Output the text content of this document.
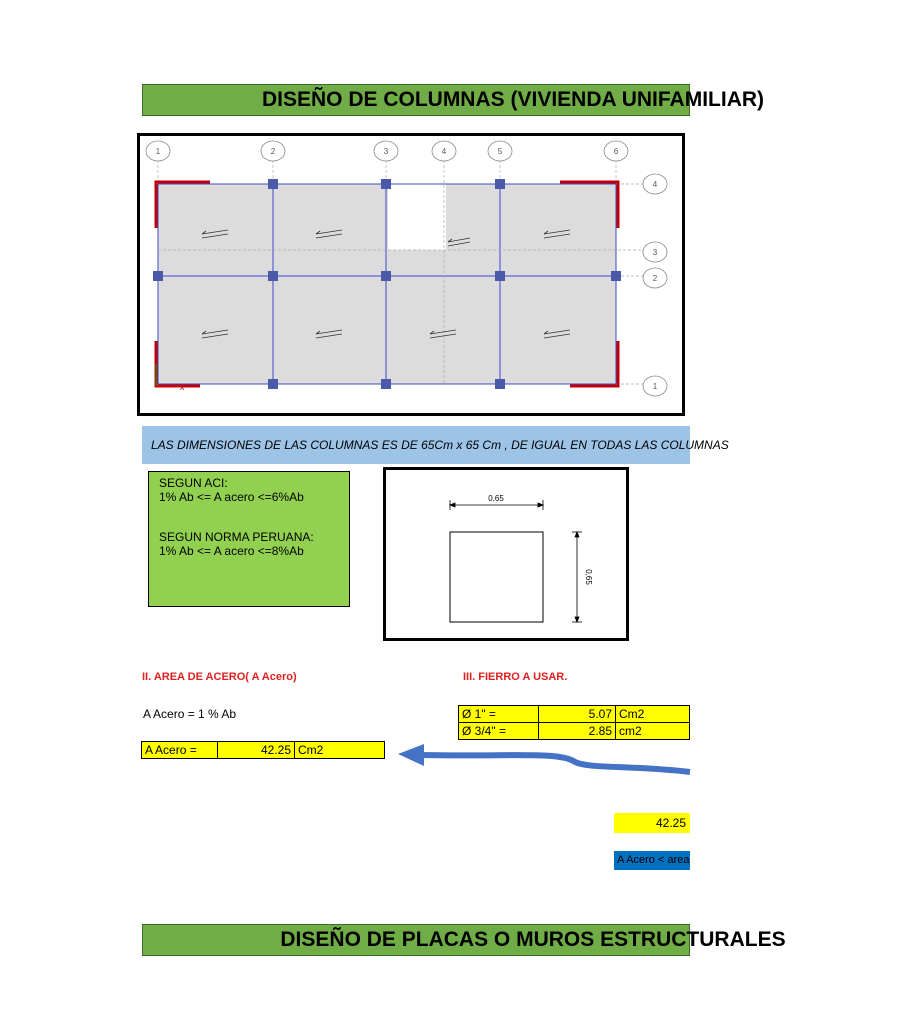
DISEÑO DE COLUMNAS (VIVIENDA UNIFAMILIAR)
x
1	2	3	4	5	6
4
3
2
1
LAS DIMENSIONES DE LAS COLUMNAS ES DE 65Cm x 65 Cm , DE IGUAL EN TODAS LAS COLUMNAS
SEGUN ACI:
1% Ab <= A acero <=6%Ab
SEGUN NORMA PERUANA:
1% Ab <= A acero <=8%Ab
0,65
0,65
II. AREA DE ACERO( A Acero)
A Acero = 1 % Ab
A Acero =	42.25 Cm2
III. FIERRO A USAR.
Ø 1" =	5.07 Cm2
Ø 3/4" =	2.85 cm2
42.25
A Acero < area
DISEÑO DE PLACAS O MUROS ESTRUCTURALES
